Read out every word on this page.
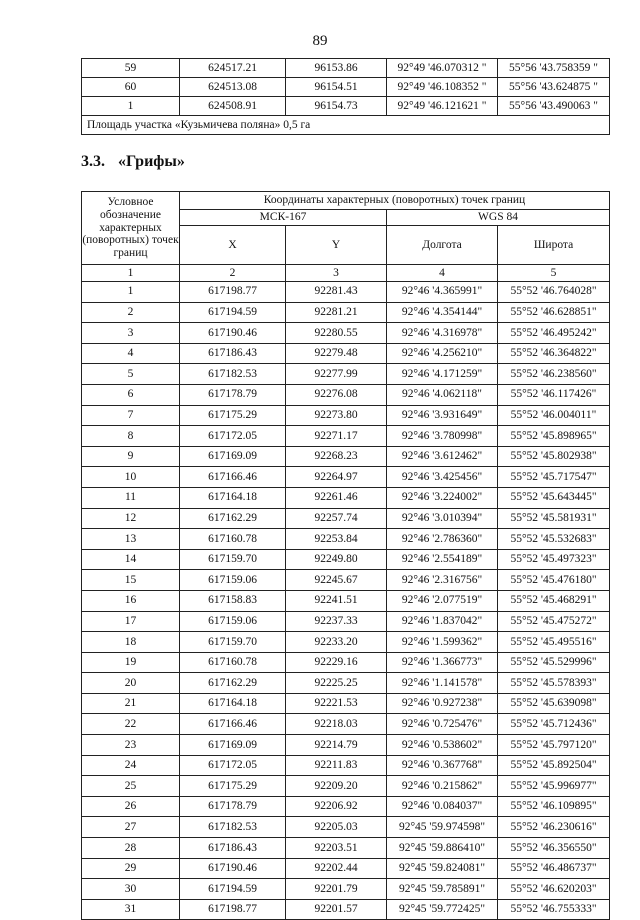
89
59	624517.21	96153.86	92°49 '46.070312 "	55°56 '43.758359 "
60	624513.08	96154.51	92°49 '46.108352 "	55°56 '43.624875 "
1	624508.91	96154.73	92°49 '46.121621 "	55°56 '43.490063 "
Площадь участка «Кузьмичева поляна» 0,5 га				
3.3. «Грифы»
Условное обозначение характерных (поворотных) точек границ	Координаты характерных (поворотных) точек границ			
	МСК-167		WGS 84	
	X	Y	Долгота	Широта
1	2	3	4	5
1	617198.77	92281.43	92°46 '4.365991"	55°52 '46.764028"
2	617194.59	92281.21	92°46 '4.354144"	55°52 '46.628851"
3	617190.46	92280.55	92°46 '4.316978"	55°52 '46.495242"
4	617186.43	92279.48	92°46 '4.256210"	55°52 '46.364822"
5	617182.53	92277.99	92°46 '4.171259"	55°52 '46.238560"
6	617178.79	92276.08	92°46 '4.062118"	55°52 '46.117426"
7	617175.29	92273.80	92°46 '3.931649"	55°52 '46.004011"
8	617172.05	92271.17	92°46 '3.780998"	55°52 '45.898965"
9	617169.09	92268.23	92°46 '3.612462"	55°52 '45.802938"
10	617166.46	92264.97	92°46 '3.425456"	55°52 '45.717547"
11	617164.18	92261.46	92°46 '3.224002"	55°52 '45.643445"
12	617162.29	92257.74	92°46 '3.010394"	55°52 '45.581931"
13	617160.78	92253.84	92°46 '2.786360"	55°52 '45.532683"
14	617159.70	92249.80	92°46 '2.554189"	55°52 '45.497323"
15	617159.06	92245.67	92°46 '2.316756"	55°52 '45.476180"
16	617158.83	92241.51	92°46 '2.077519"	55°52 '45.468291"
17	617159.06	92237.33	92°46 '1.837042"	55°52 '45.475272"
18	617159.70	92233.20	92°46 '1.599362"	55°52 '45.495516"
19	617160.78	92229.16	92°46 '1.366773"	55°52 '45.529996"
20	617162.29	92225.25	92°46 '1.141578"	55°52 '45.578393"
21	617164.18	92221.53	92°46 '0.927238"	55°52 '45.639098"
22	617166.46	92218.03	92°46 '0.725476"	55°52 '45.712436"
23	617169.09	92214.79	92°46 '0.538602"	55°52 '45.797120"
24	617172.05	92211.83	92°46 '0.367768"	55°52 '45.892504"
25	617175.29	92209.20	92°46 '0.215862"	55°52 '45.996977"
26	617178.79	92206.92	92°46 '0.084037"	55°52 '46.109895"
27	617182.53	92205.03	92°45 '59.974598"	55°52 '46.230616"
28	617186.43	92203.51	92°45 '59.886410"	55°52 '46.356550"
29	617190.46	92202.44	92°45 '59.824081"	55°52 '46.486737"
30	617194.59	92201.79	92°45 '59.785891"	55°52 '46.620203"
31	617198.77	92201.57	92°45 '59.772425"	55°52 '46.755333"
